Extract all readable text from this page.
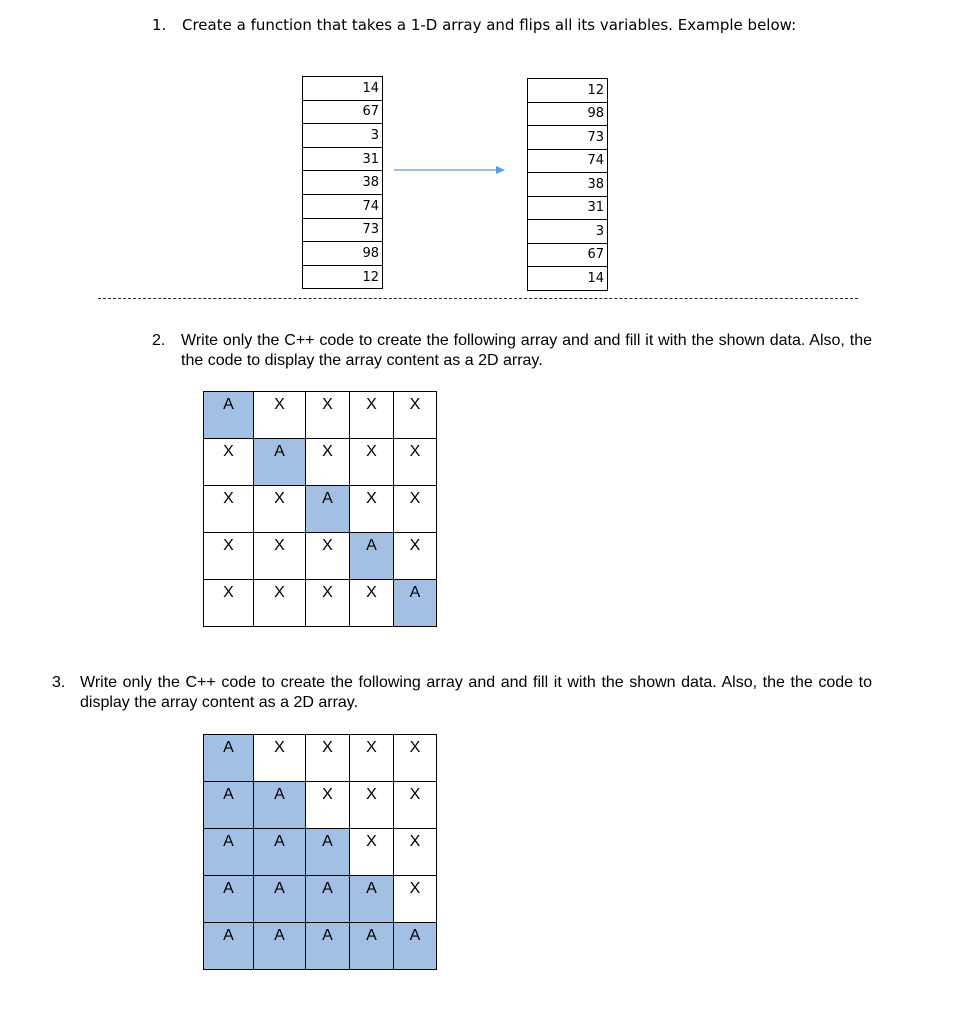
1. Create a function that takes a 1-D array and flips all its variables. Example below:
14
67
3
31
38
74
73
98
12
12
98
73
74
38
31
3
67
14
2. Write only the C++ code to create the following array and and fill it with the shown data. Also, the the code to display the array content as a 2D array.
A	X	X	X	X
X	A	X	X	X
X	X	A	X	X
X	X	X	A	X
X	X	X	X	A
3. Write only the C++ code to create the following array and and fill it with the shown data. Also, the the code to display the array content as a 2D array.
A	X	X	X	X
A	A	X	X	X
A	A	A	X	X
A	A	A	A	X
A	A	A	A	A
